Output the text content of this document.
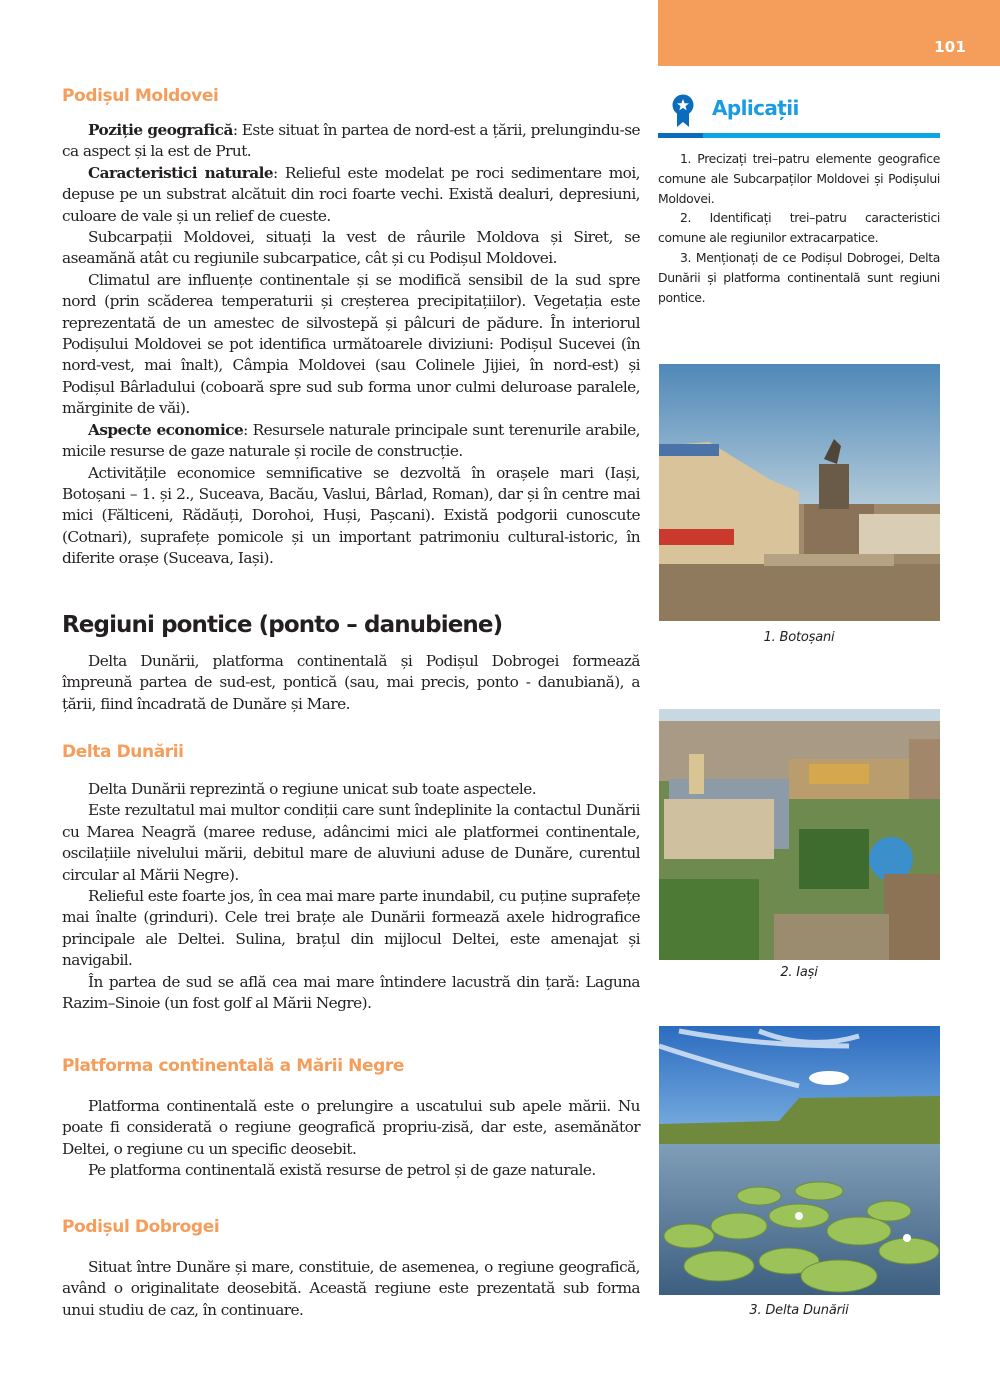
101
Podișul Moldovei

Poziție geografică: Este situat în partea de nord-est a țării, prelungindu-se ca aspect și la est de Prut.

Caracteristici naturale: Relieful este modelat pe roci sedimentare moi, depuse pe un substrat alcătuit din roci foarte vechi. Există dealuri, depresiuni, culoare de vale și un relief de cueste.

Subcarpații Moldovei, situați la vest de râurile Moldova și Siret, se aseamănă atât cu regiunile subcarpatice, cât și cu Podișul Moldovei.

Climatul are influențe continentale și se modifică sensibil de la sud spre nord (prin scăderea temperaturii și creșterea precipitațiilor). Vegetația este reprezentată de un amestec de silvostepă și pâlcuri de pădure. În interiorul Podișului Moldovei se pot identifica următoarele diviziuni: Podișul Sucevei (în nord-vest, mai înalt), Câmpia Moldovei (sau Colinele Jijiei, în nord-est) și Podișul Bârladului (coboară spre sud sub forma unor culmi deluroase paralele, mărginite de văi).

Aspecte economice: Resursele naturale principale sunt terenurile arabile, micile resurse de gaze naturale și rocile de construcție.

Activitățile economice semnificative se dezvoltă în orașele mari (Iași, Botoșani – 1. și 2., Suceava, Bacău, Vaslui, Bârlad, Roman), dar și în centre mai mici (Fălticeni, Rădăuți, Dorohoi, Huși, Pașcani). Există podgorii cunoscute (Cotnari), suprafețe pomicole și un important patrimoniu cultural-istoric, în diferite orașe (Suceava, Iași).

Regiuni pontice (ponto – danubiene)

Delta Dunării, platforma continentală și Podișul Dobrogei formează împreună partea de sud-est, pontică (sau, mai precis, ponto - danubiană), a țării, fiind încadrată de Dunăre și Mare.

Delta Dunării

Delta Dunării reprezintă o regiune unicat sub toate aspectele.

Este rezultatul mai multor condiții care sunt îndeplinite la contactul Dunării cu Marea Neagră (maree reduse, adâncimi mici ale platformei continentale, oscilațiile nivelului mării, debitul mare de aluviuni aduse de Dunăre, curentul circular al Mării Negre).

Relieful este foarte jos, în cea mai mare parte inundabil, cu puține suprafețe mai înalte (grinduri). Cele trei brațe ale Dunării formează axele hidrografice principale ale Deltei. Sulina, brațul din mijlocul Deltei, este amenajat și navigabil.

În partea de sud se află cea mai mare întindere lacustră din țară: Laguna Razim–Sinoie (un fost golf al Mării Negre).

Platforma continentală a Mării Negre

Platforma continentală este o prelungire a uscatului sub apele mării. Nu poate fi considerată o regiune geografică propriu-zisă, dar este, asemănător Deltei, o regiune cu un specific deosebit.

Pe platforma continentală există resurse de petrol și de gaze naturale.

Podișul Dobrogei

Situat între Dunăre și mare, constituie, de asemenea, o regiune geografică, având o originalitate deosebită. Această regiune este prezentată sub forma unui studiu de caz, în continuare.

Aplicații

1. Precizați trei–patru elemente geografice comune ale Subcarpaților Moldovei și Podișului Moldovei.

2. Identificați trei–patru caracteristici comune ale regiunilor extracarpatice.

3. Menționați de ce Podișul Dobrogei, Delta Dunării și platforma continentală sunt regiuni pontice.

1. Botoșani
2. Iași
3. Delta Dunării
